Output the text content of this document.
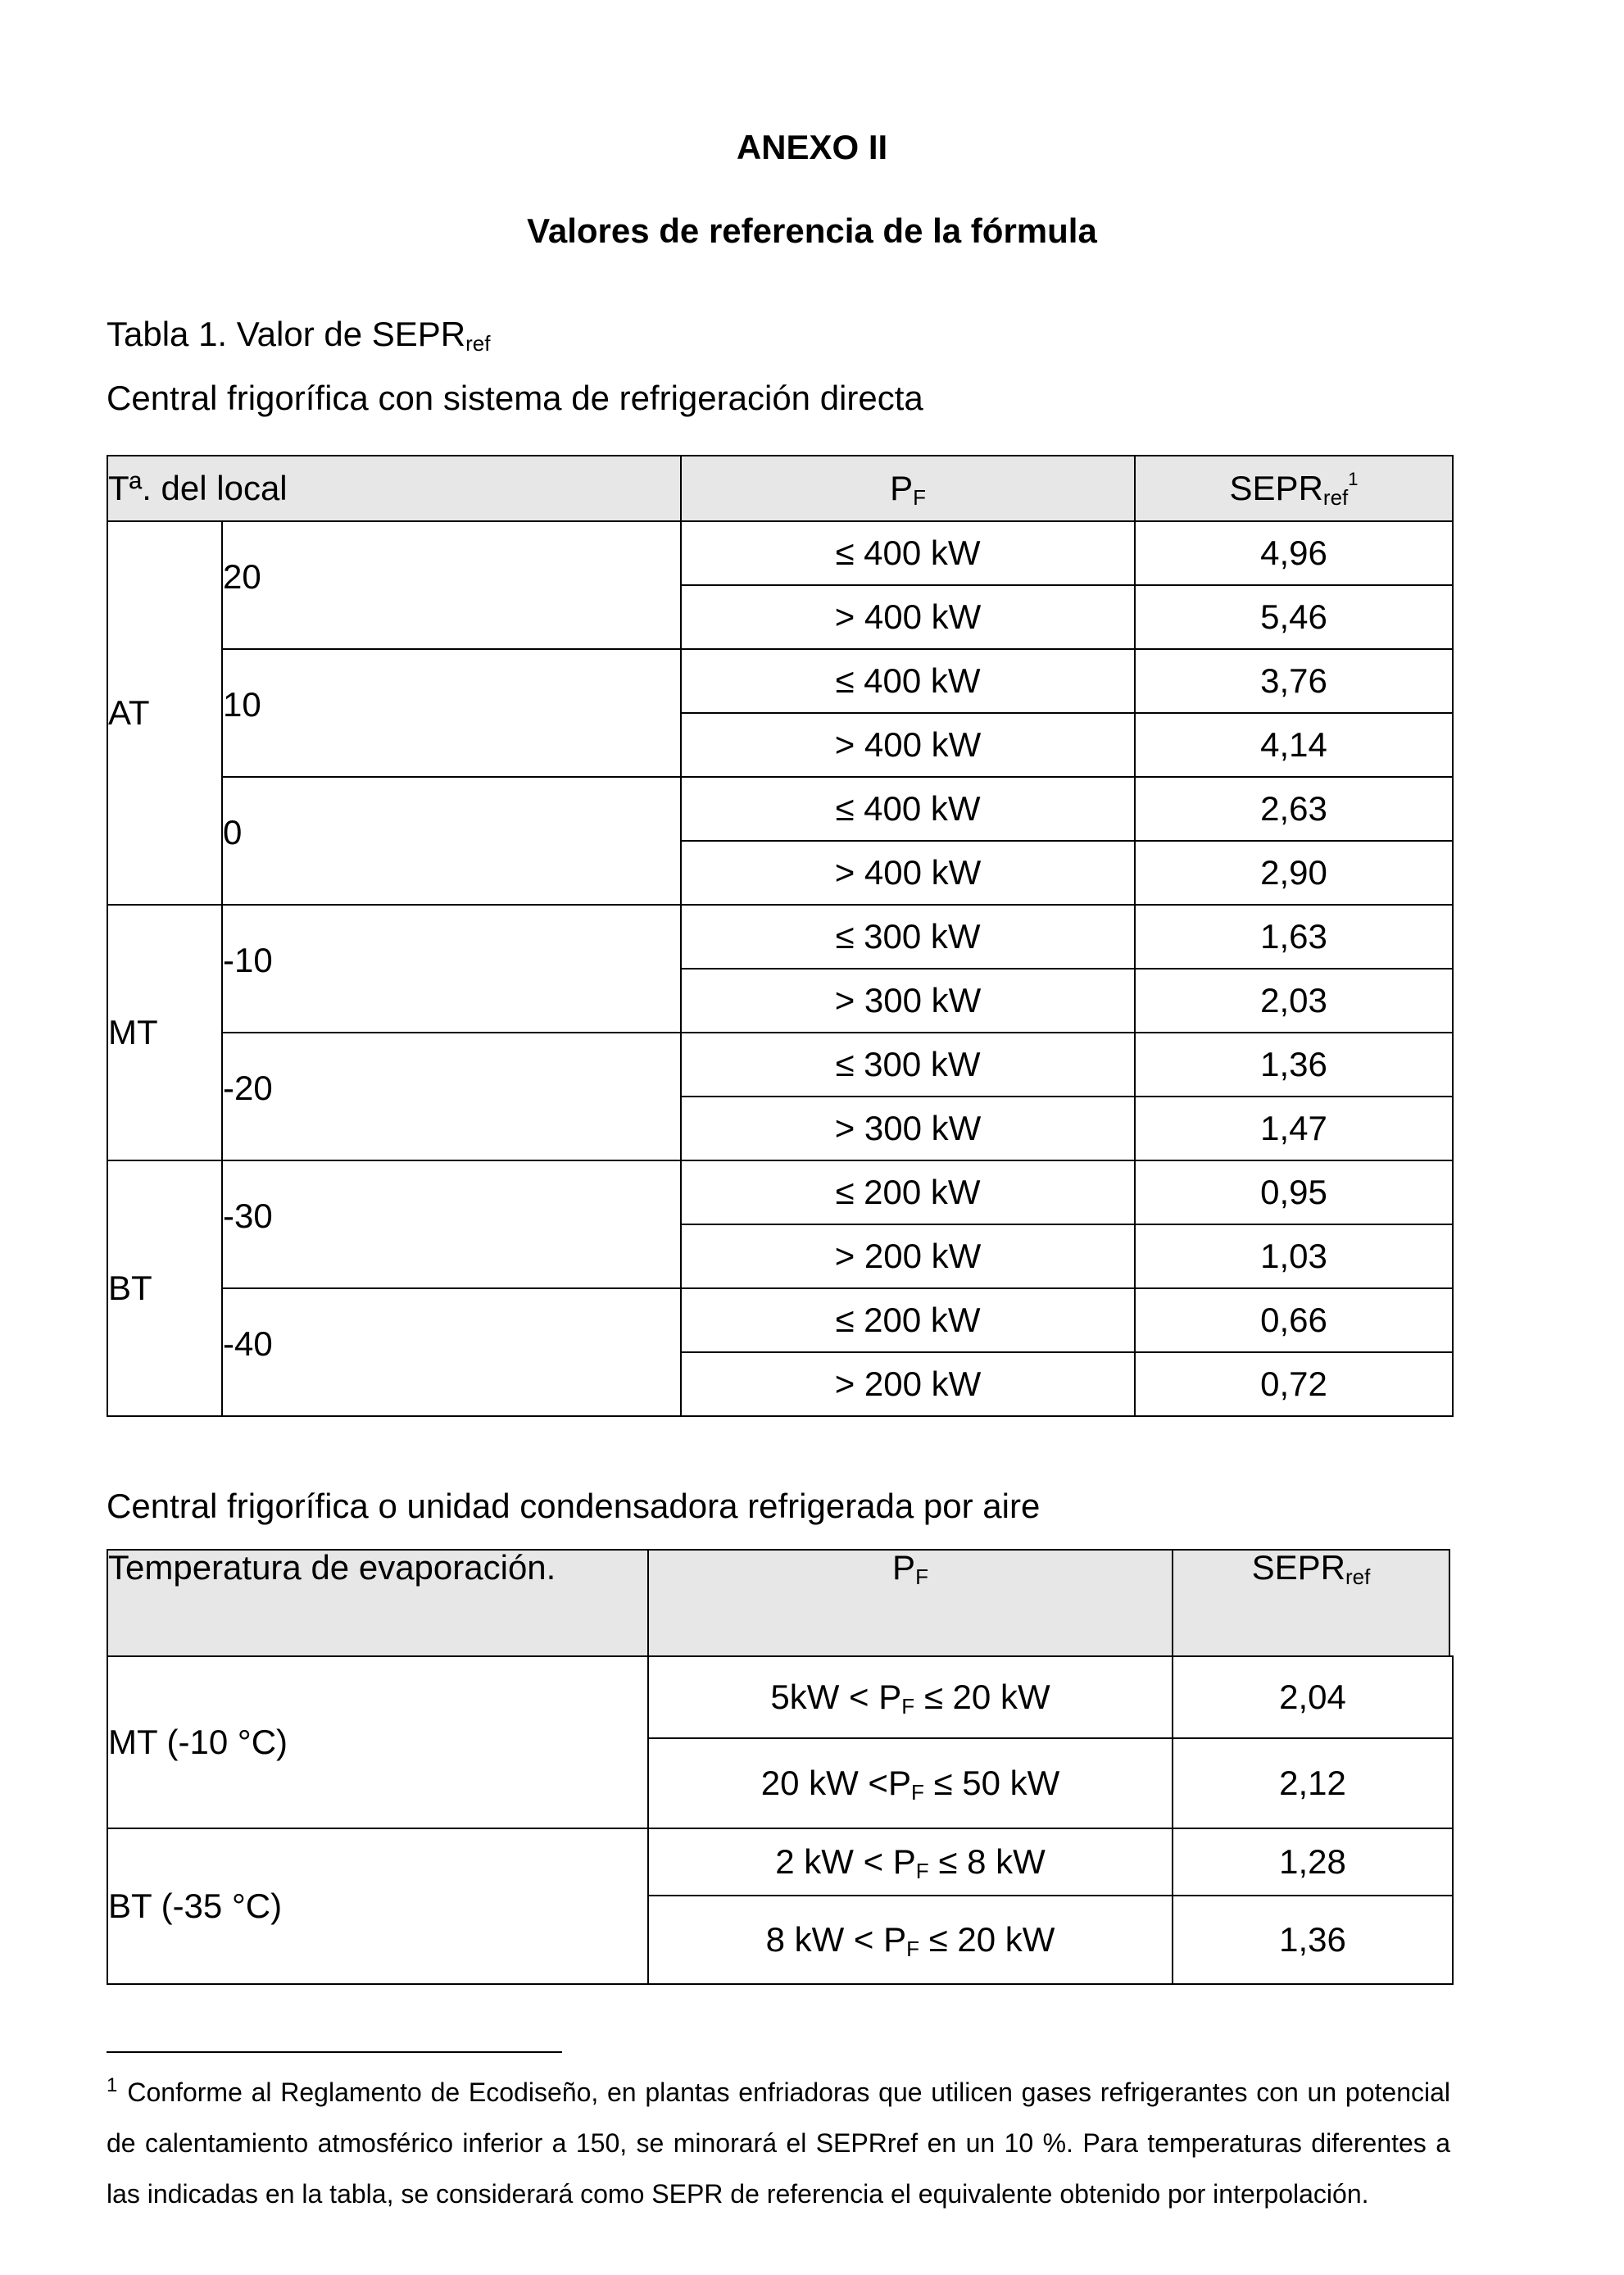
ANEXO II
Valores de referencia de la fórmula
Tabla 1. Valor de $SEPR_{ref}$
Central frigorífica con sistema de refrigeración directa
Tª. del local		$P_F$	$SEPR_{ref}^1$
AT	20	≤ 400 kW	4,96
		> 400 kW	5,46
	10	≤ 400 kW	3,76
		> 400 kW	4,14
	0	≤ 400 kW	2,63
		> 400 kW	2,90
MT	-10	≤ 300 kW	1,63
		> 300 kW	2,03
	-20	≤ 300 kW	1,36
		> 300 kW	1,47
BT	-30	≤ 200 kW	0,95
		> 200 kW	1,03
	-40	≤ 200 kW	0,66
		> 200 kW	0,72
Central frigorífica o unidad condensadora refrigerada por aire
Temperatura de evaporación.	$P_F$	$SEPR_{ref}$
MT (-10 °C)	$5kW < P_F \le 20$ kW	2,04
	20 kW $<P_F \le 50$ kW	2,12
BT (-35 °C)	2 kW < $P_F \le 8$ kW	1,28
	8 kW < $P_F \le 20$ kW	1,36
$^1$ Conforme al Reglamento de Ecodiseño, en plantas enfriadoras que utilicen gases refrigerantes con un potencial de calentamiento atmosférico inferior a 150, se minorará el SEPRref en un 10 %. Para temperaturas diferentes a las indicadas en la tabla, se considerará como SEPR de referencia el equivalente obtenido por interpolación.
